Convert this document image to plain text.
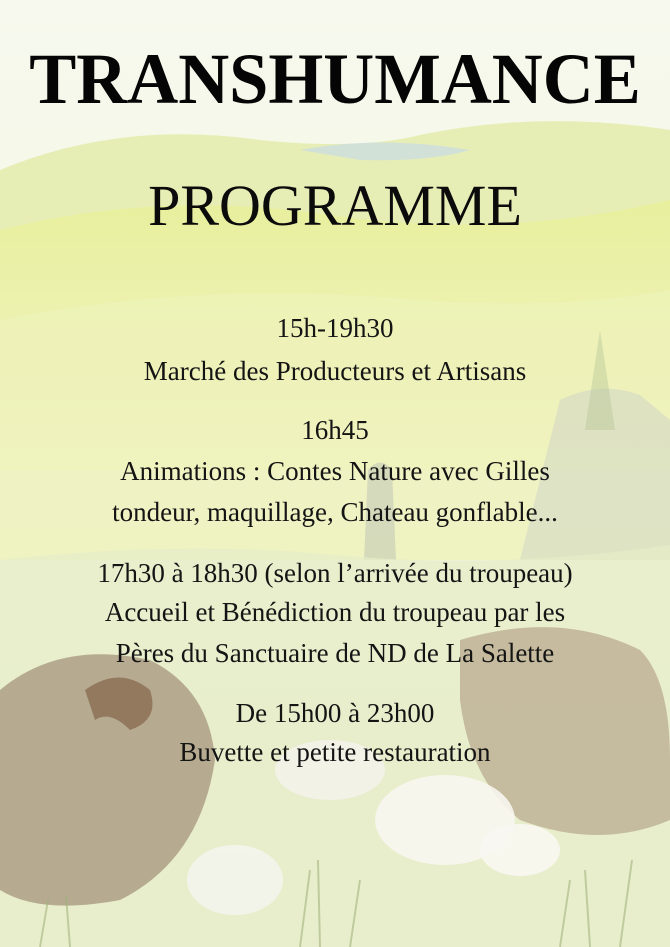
TRANSHUMANCE
PROGRAMME
15h-19h30
Marché des Producteurs et Artisans
16h45
Animations : Contes Nature avec Gilles
tondeur, maquillage, Chateau gonflable...
17h30 à 18h30 (selon l’arrivée du troupeau)
Accueil et Bénédiction du troupeau par les
Pères du Sanctuaire de ND de La Salette
De 15h00 à 23h00
Buvette et petite restauration
